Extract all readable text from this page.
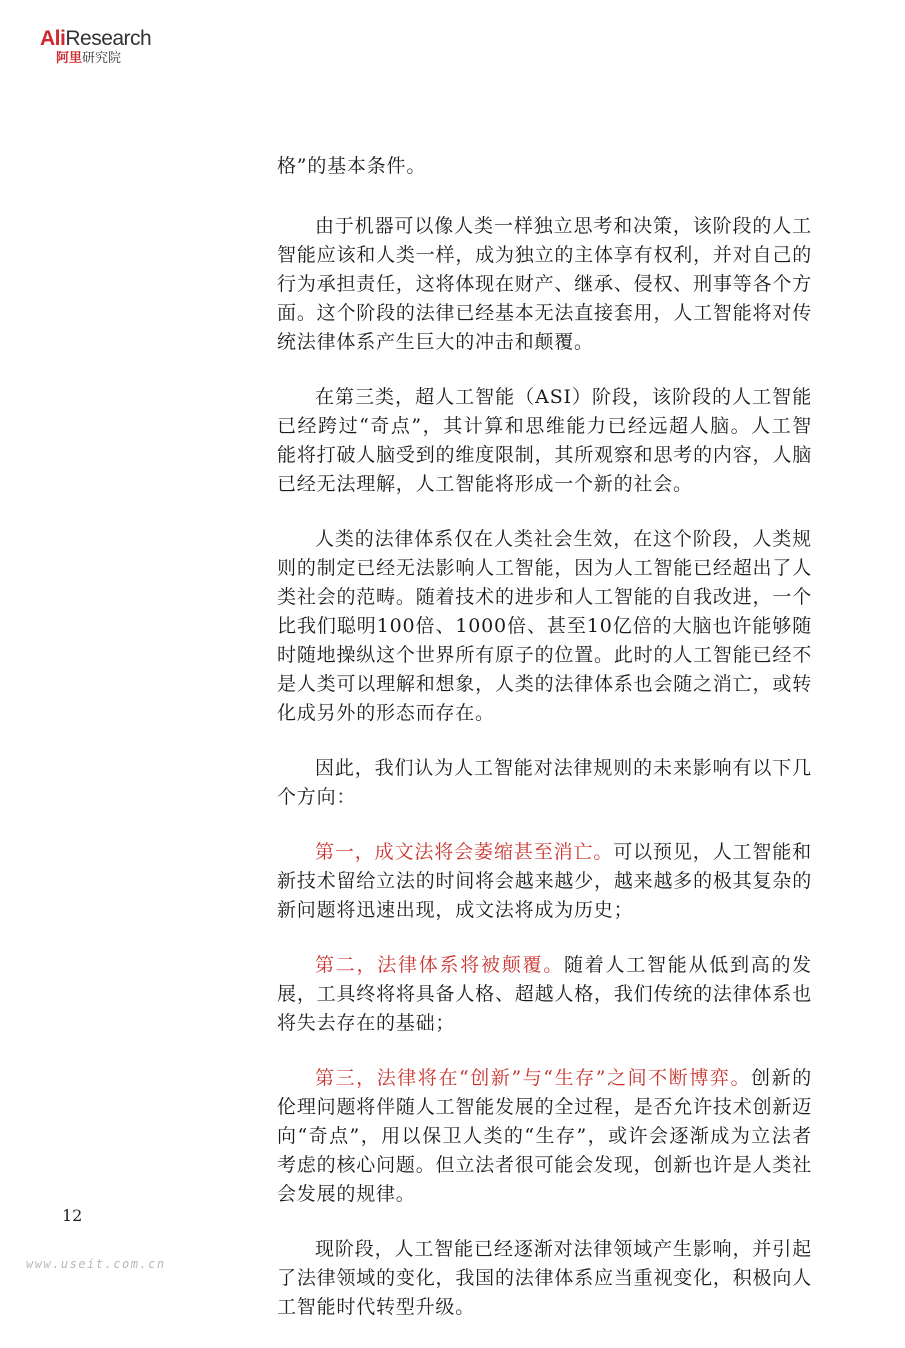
AliResearch
阿里研究院

格”的基本条件。

由于机器可以像人类一样独立思考和决策，该阶段的人工智能应该和人类一样，成为独立的主体享有权利，并对自己的行为承担责任，这将体现在财产、继承、侵权、刑事等各个方面。这个阶段的法律已经基本无法直接套用，人工智能将对传统法律体系产生巨大的冲击和颠覆。

在第三类，超人工智能（ASI）阶段，该阶段的人工智能已经跨过“奇点”，其计算和思维能力已经远超人脑。人工智能将打破人脑受到的维度限制，其所观察和思考的内容，人脑已经无法理解，人工智能将形成一个新的社会。

人类的法律体系仅在人类社会生效，在这个阶段，人类规则的制定已经无法影响人工智能，因为人工智能已经超出了人类社会的范畴。随着技术的进步和人工智能的自我改进，一个比我们聪明100倍、1000倍、甚至10亿倍的大脑也许能够随时随地操纵这个世界所有原子的位置。此时的人工智能已经不是人类可以理解和想象，人类的法律体系也会随之消亡，或转化成另外的形态而存在。

因此，我们认为人工智能对法律规则的未来影响有以下几个方向：

第一，成文法将会萎缩甚至消亡。可以预见，人工智能和新技术留给立法的时间将会越来越少，越来越多的极其复杂的新问题将迅速出现，成文法将成为历史；

第二，法律体系将被颠覆。随着人工智能从低到高的发展，工具终将将具备人格、超越人格，我们传统的法律体系也将失去存在的基础；

第三，法律将在“创新”与“生存”之间不断博弈。创新的伦理问题将伴随人工智能发展的全过程，是否允许技术创新迈向“奇点”，用以保卫人类的“生存”，或许会逐渐成为立法者考虑的核心问题。但立法者很可能会发现，创新也许是人类社会发展的规律。

现阶段，人工智能已经逐渐对法律领域产生影响，并引起了法律领域的变化，我国的法律体系应当重视变化，积极向人工智能时代转型升级。

12
www.useit.com.cn
